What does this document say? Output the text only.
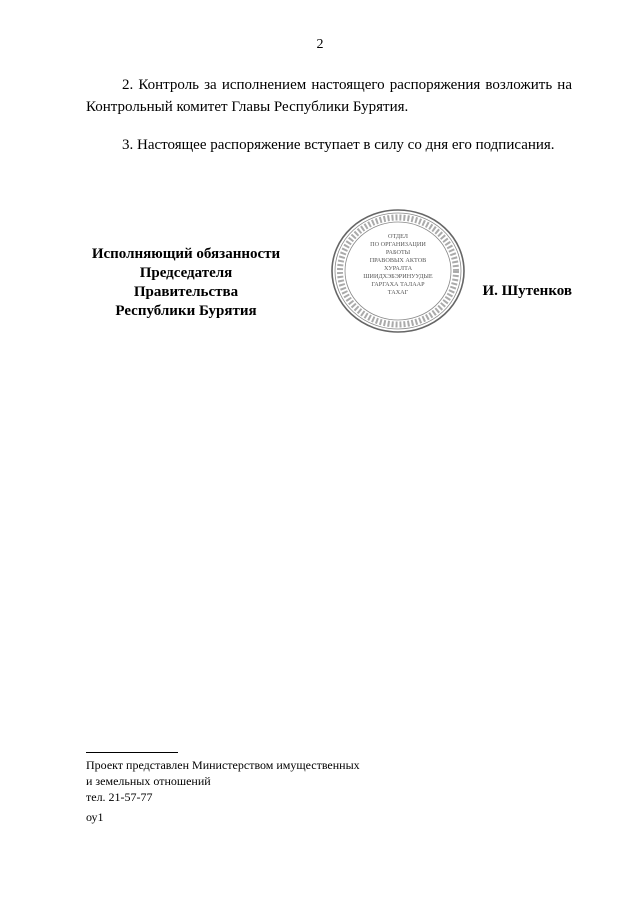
2
2. Контроль за исполнением настоящего распоряжения возложить на Контрольный комитет Главы Республики Бурятия.
3. Настоящее распоряжение вступает в силу со дня его подписания.
Исполняющий обязанности
Председателя Правительства
Республики Бурятия
ОТДЕЛ
ПО ОРГАНИЗАЦИИ
РАБОТЫ
ПРАВОВЫХ АКТОВ
ХУРАЛТА
ШИИДХЭБЭРИНУУДЫЕ
ГАРГАХА ТАЛААР
ТАХАГ	И. Шутенков
Проект представлен Министерством имущественных
и земельных отношений
тел. 21-57-77
оу1
